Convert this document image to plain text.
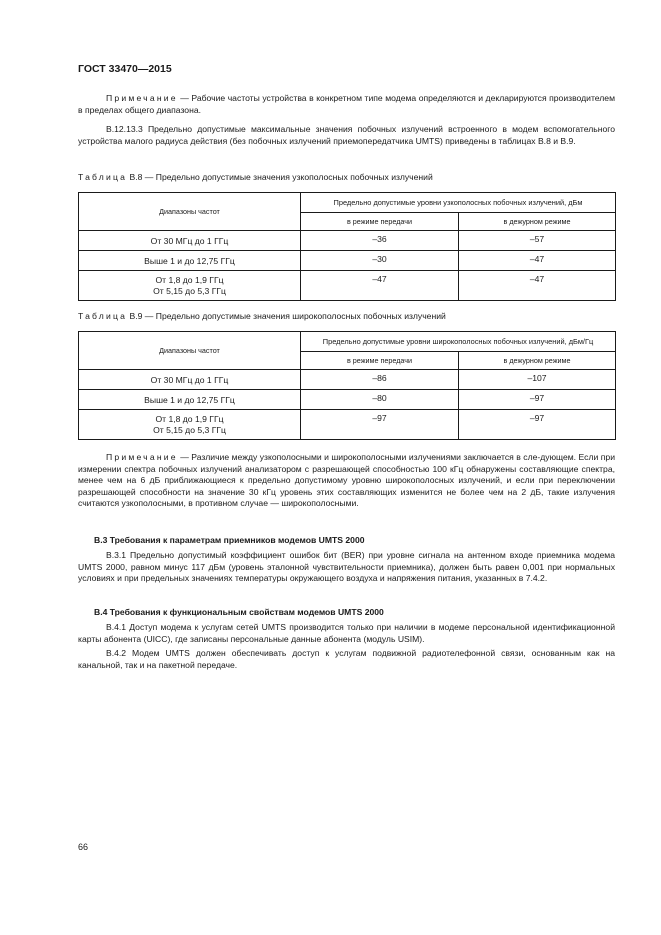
ГОСТ 33470—2015

Примечание — Рабочие частоты устройства в конкретном типе модема определяются и декларируются производителем в пределах общего диапазона.

В.12.13.3 Предельно допустимые максимальные значения побочных излучений встроенного в модем вспомогательного устройства малого радиуса действия (без побочных излучений приемопередатчика UMTS) приведены в таблицах В.8 и В.9.

Таблица В.8 — Предельно допустимые значения узкополосных побочных излучений
Диапазоны частот	Предельно допустимые уровни узкополосных побочных излучений, дБм	
	в режиме передачи	в дежурном режиме
От 30 МГц до 1 ГГц	–36	–57
Выше 1 и до 12,75 ГГц	–30	–47
От 1,8 до 1,9 ГГц
От 5,15 до 5,3 ГГц	–47	–47
Таблица В.9 — Предельно допустимые значения широкополосных побочных излучений
Диапазоны частот	Предельно допустимые уровни широкополосных побочных излучений, дБм/Гц	
	в режиме передачи	в дежурном режиме
От 30 МГц до 1 ГГц	–86	–107
Выше 1 и до 12,75 ГГц	–80	–97
От 1,8 до 1,9 ГГц
От 5,15 до 5,3 ГГц	–97	–97

Примечание — Различие между узкополосными и широкополосными излучениями заключается в сле-дующем. Если при измерении спектра побочных излучений анализатором с разрешающей способностью 100 кГц обнаружены составляющие спектра, менее чем на 6 дБ приближающиеся к предельно допустимому уровню широкополосных излучений, и если при переключении разрешающей способности на значение 30 кГц уровень этих составляющих изменится не более чем на 2 дБ, такие излучения считаются узкополосными, в противном случае — широкополосными.

В.3 Требования к параметрам приемников модемов UMTS 2000

В.3.1 Предельно допустимый коэффициент ошибок бит (BER) при уровне сигнала на антенном входе приемника модема UMTS 2000, равном минус 117 дБм (уровень эталонной чувствительности приемника), должен быть равен 0,001 при нормальных условиях и при предельных значениях температуры окружающего воздуха и напряжения питания, указанных в 7.4.2.

В.4 Требования к функциональным свойствам модемов UMTS 2000

В.4.1 Доступ модема к услугам сетей UMTS производится только при наличии в модеме персональной идентификационной карты абонента (UICC), где записаны персональные данные абонента (модуль USIM).

В.4.2 Модем UMTS должен обеспечивать доступ к услугам подвижной радиотелефонной связи, основанным как на канальной, так и на пакетной передаче.

66
